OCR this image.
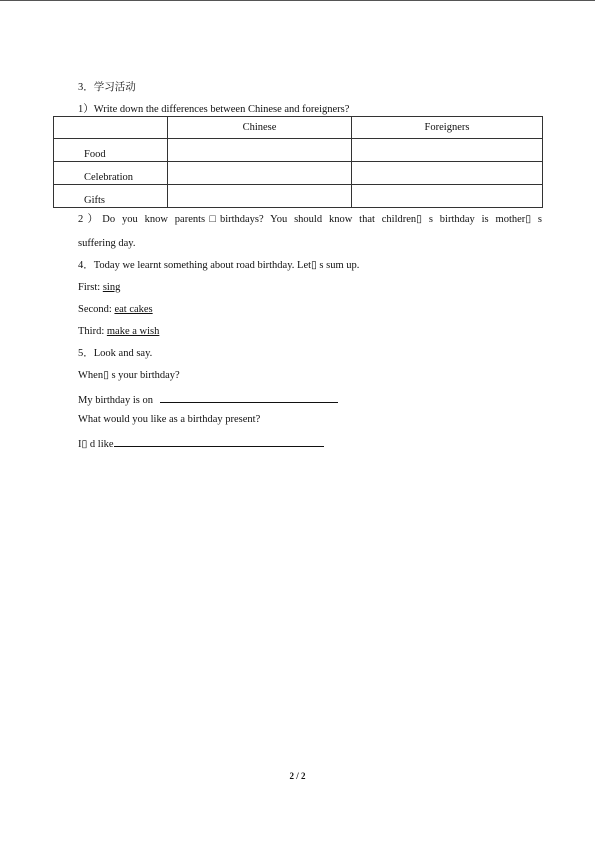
3．学习活动
1）Write down the differences between Chinese and foreigners?
	Chinese	Foreigners
Food		
Celebration		
Gifts		
2）Do you know parents□birthdays? You should know that children▯ s birthday is mother▯ s
suffering day.
4．Today we learnt something about road birthday. Let▯ s sum up.
First: sing
Second: eat cakes
Third: make a wish
5．Look and say.
When▯ s your birthday?
My birthday is on
What would you like as a birthday present?
I▯ d like
2 / 2
